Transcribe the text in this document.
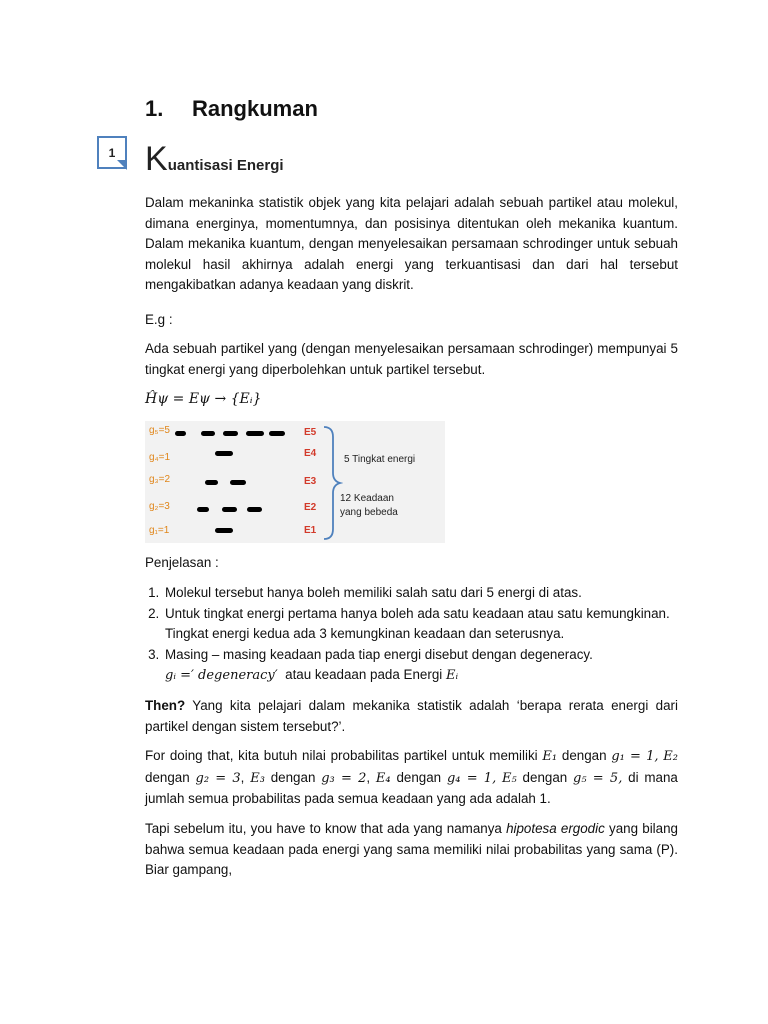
1. Rangkuman
1 Kuantisasi Energi

Dalam mekaninka statistik objek yang kita pelajari adalah sebuah partikel atau molekul, dimana energinya, momentumnya, dan posisinya ditentukan oleh mekanika kuantum. Dalam mekanika kuantum, dengan menyelesaikan persamaan schrodinger untuk sebuah molekul hasil akhirnya adalah energi yang terkuantisasi dan dari hal tersebut mengakibatkan adanya keadaan yang diskrit.

E.g :

Ada sebuah partikel yang (dengan menyelesaikan persamaan schrodinger) mempunyai 5 tingkat energi yang diperbolehkan untuk partikel tersebut.

Ĥψ = Eψ → {Eᵢ}
g₅=5
g₄=1
g₃=2
g₂=3
g₁=1
E5
E4
E3
E2
E1
5 Tingkat energi
12 Keadaan
yang bebeda

Penjelasan :

1. Molekul tersebut hanya boleh memiliki salah satu dari 5 energi di atas.
2. Untuk tingkat energi pertama hanya boleh ada satu keadaan atau satu kemungkinan.
Tingkat energi kedua ada 3 kemungkinan keadaan dan seterusnya.
3. Masing – masing keadaan pada tiap energi disebut dengan degeneracy.
gᵢ =′ degeneracy′ atau keadaan pada Energi Eᵢ

Then? Yang kita pelajari dalam mekanika statistik adalah ‘berapa rerata energi dari partikel dengan sistem tersebut?’.

For doing that, kita butuh nilai probabilitas partikel untuk memiliki E₁ dengan g₁ = 1, E₂ dengan g₂ = 3, E₃ dengan g₃ = 2, E₄ dengan g₄ = 1, E₅ dengan g₅ = 5, di mana jumlah semua probabilitas pada semua keadaan yang ada adalah 1.

Tapi sebelum itu, you have to know that ada yang namanya hipotesa ergodic yang bilang bahwa semua keadaan pada energi yang sama memiliki nilai probabilitas yang sama (P). Biar gampang,
